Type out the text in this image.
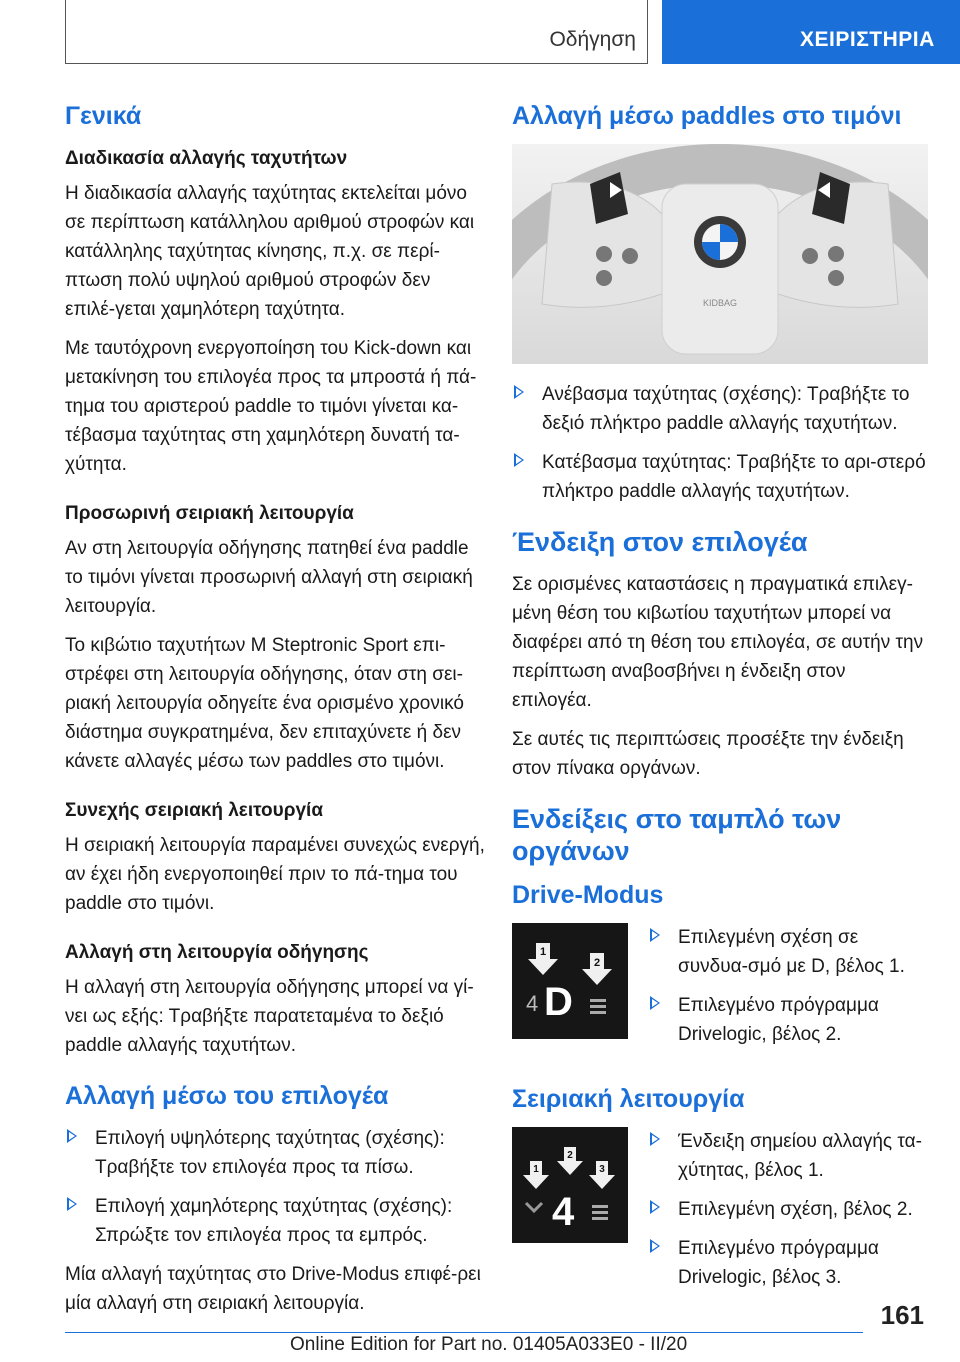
Οδήγηση	ΧΕΙΡΙΣΤΗΡΙΑ
Γενικά
Διαδικασία αλλαγής ταχυτήτων
Η διαδικασία αλλαγής ταχύτητας εκτελείται μόνο σε περίπτωση κατάλληλου αριθμού στροφών και κατάλληλης ταχύτητας κίνησης, π.χ. σε περί-πτωση πολύ υψηλού αριθμού στροφών δεν επιλέ-γεται χαμηλότερη ταχύτητα.
Με ταυτόχρονη ενεργοποίηση του Kick-down και μετακίνηση του επιλογέα προς τα μπροστά ή πά-τημα του αριστερού paddle το τιμόνι γίνεται κα-τέβασμα ταχύτητας στη χαμηλότερη δυνατή τα-χύτητα.
Προσωρινή σειριακή λειτουργία
Αν στη λειτουργία οδήγησης πατηθεί ένα paddle το τιμόνι γίνεται προσωρινή αλλαγή στη σειριακή λειτουργία.
Το κιβώτιο ταχυτήτων M Steptronic Sport επι-στρέφει στη λειτουργία οδήγησης, όταν στη σει-ριακή λειτουργία οδηγείτε ένα ορισμένο χρονικό διάστημα συγκρατημένα, δεν επιταχύνετε ή δεν κάνετε αλλαγές μέσω των paddles στο τιμόνι.
Συνεχής σειριακή λειτουργία
Η σειριακή λειτουργία παραμένει συνεχώς ενεργή, αν έχει ήδη ενεργοποιηθεί πριν το πά-τημα του paddle στο τιμόνι.
Αλλαγή στη λειτουργία οδήγησης
Η αλλαγή στη λειτουργία οδήγησης μπορεί να γί-νει ως εξής: Τραβήξτε παρατεταμένα το δεξιό paddle αλλαγής ταχυτήτων.
Αλλαγή μέσω του επιλογέα
Επιλογή υψηλότερης ταχύτητας (σχέσης): Τραβήξτε τον επιλογέα προς τα πίσω.
Επιλογή χαμηλότερης ταχύτητας (σχέσης): Σπρώξτε τον επιλογέα προς τα εμπρός.
Μία αλλαγή ταχύτητας στο Drive-Modus επιφέ-ρει μία αλλαγή στη σειριακή λειτουργία.
Αλλαγή μέσω paddles στο τιμόνι
KIDBAG
Ανέβασμα ταχύτητας (σχέσης): Τραβήξτε το δεξιό πλήκτρο paddle αλλαγής ταχυτήτων.
Κατέβασμα ταχύτητας: Τραβήξτε το αρι-στερό πλήκτρο paddle αλλαγής ταχυτήτων.
Ένδειξη στον επιλογέα
Σε ορισμένες καταστάσεις η πραγματικά επιλεγ-μένη θέση του κιβωτίου ταχυτήτων μπορεί να διαφέρει από τη θέση του επιλογέα, σε αυτήν την περίπτωση αναβοσβήνει η ένδειξη στον επιλογέα.
Σε αυτές τις περιπτώσεις προσέξτε την ένδειξη στον πίνακα οργάνων.
Ενδείξεις στο ταμπλό των οργάνων
Drive-Modus
1
2
4 D
Επιλεγμένη σχέση σε συνδυα-σμό με D, βέλος 1.
Επιλεγμένο πρόγραμμα Drivelogic, βέλος 2.
Σειριακή λειτουργία
1
2
3
4
Ένδειξη σημείου αλλαγής τα-χύτητας, βέλος 1.
Επιλεγμένη σχέση, βέλος 2.
Επιλεγμένο πρόγραμμα Drivelogic, βέλος 3.
161
Online Edition for Part no. 01405A033E0 - II/20
